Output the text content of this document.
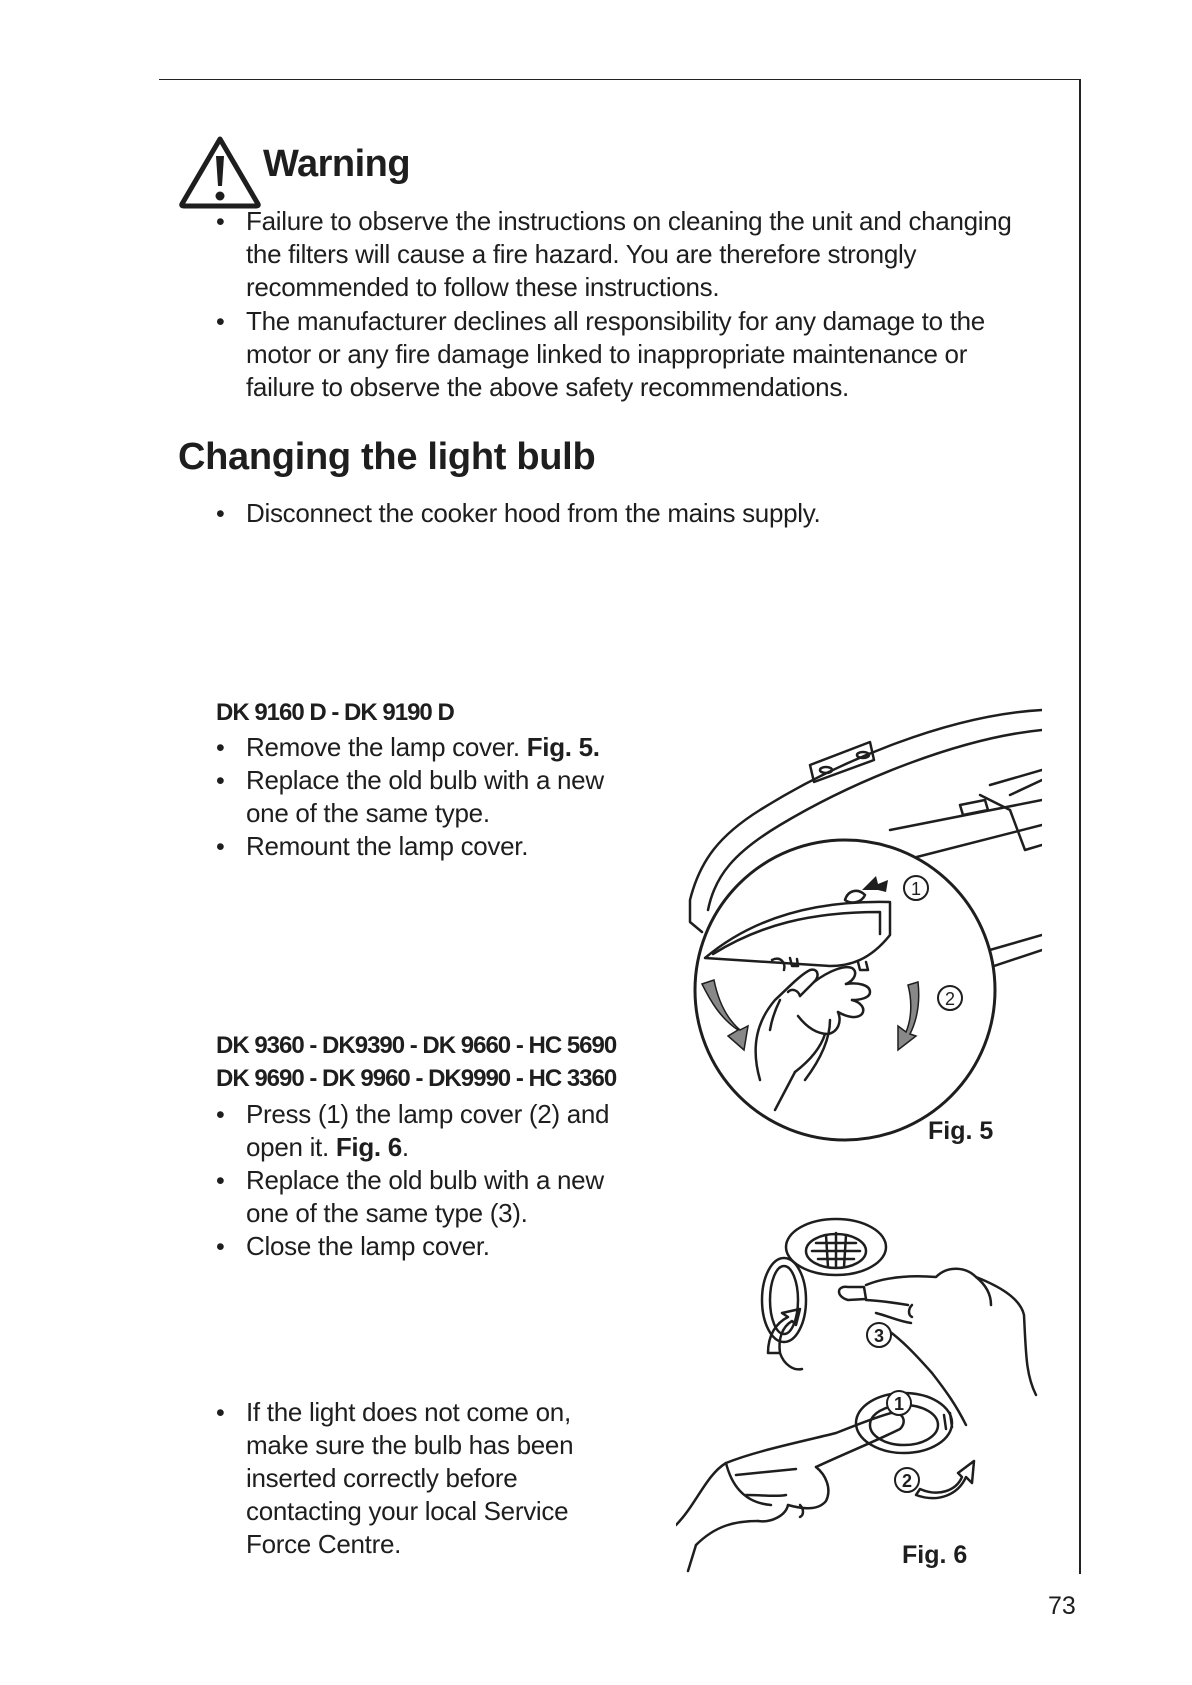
Warning
• Failure to observe the instructions on cleaning the unit and changing
the filters will cause a fire hazard. You are therefore strongly
recommended to follow these instructions.
• The manufacturer declines all responsibility for any damage to the
motor or any fire damage linked to inappropriate maintenance or
failure to observe the above safety recommendations.
Changing the light bulb
• Disconnect the cooker hood from the mains supply.
DK 9160 D - DK 9190 D
• Remove the lamp cover. Fig. 5.
• Replace the old bulb with a new
one of the same type.
• Remount the lamp cover.
DK 9360 - DK9390 - DK 9660 - HC 5690
DK 9690 - DK 9960 - DK9990 - HC 3360
• Press (1) the lamp cover (2) and
open it. Fig. 6.
• Replace the old bulb with a new
one of the same type (3).
• Close the lamp cover.
• If the light does not come on,
make sure the bulb has been
inserted correctly before
contacting your local Service
Force Centre.
1
2
Fig. 5
3
1
2
Fig. 6
73
